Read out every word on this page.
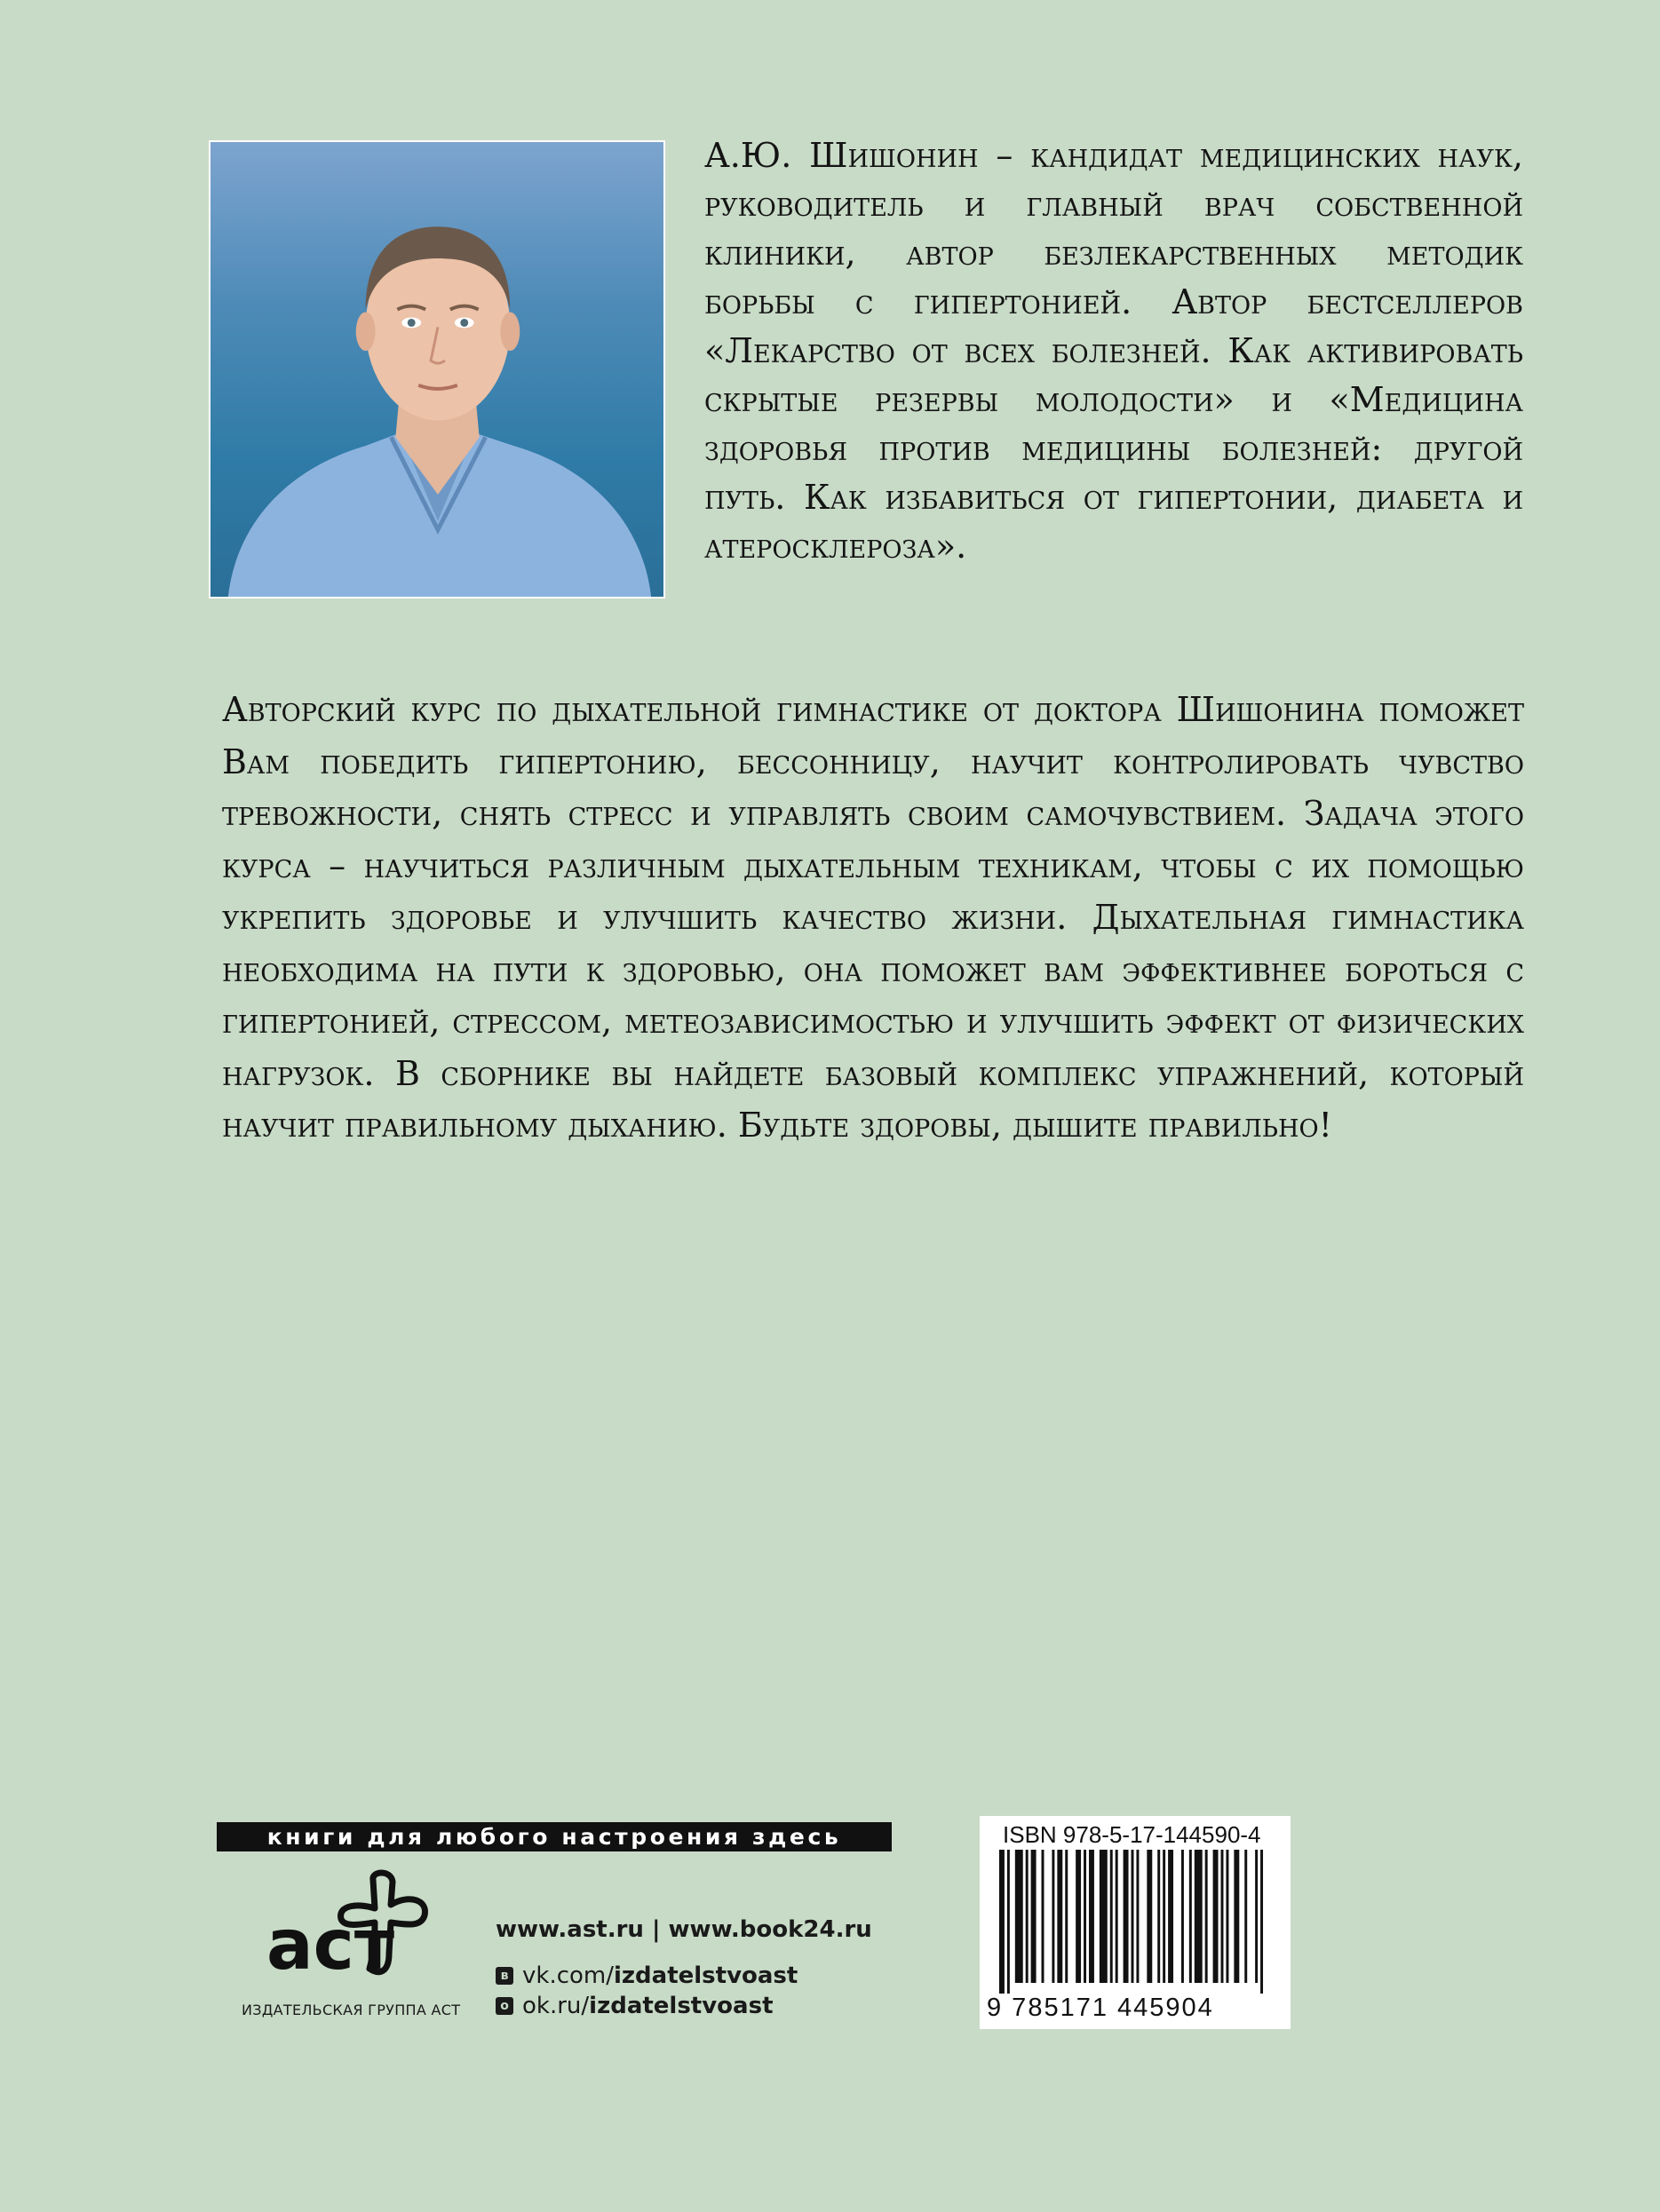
А.Ю. Шишонин – кандидат медицинских наук, руководитель и главный врач собственной клиники, автор безлекарственных методик борьбы с гипертонией. Автор бестселлеров «Лекарство от всех болезней. Как активировать скрытые резервы молодости» и «Медицина здоровья против медицины болезней: другой путь. Как избавиться от гипертонии, диабета и атеросклероза».

Авторский курс по дыхательной гимнастике от доктора Шишонина поможет Вам победить гипертонию, бессонницу, научит контролировать чувство тревожности, снять стресс и управлять своим самочувствием. Задача этого курса – научиться различным дыхательным техникам, чтобы с их помощью укрепить здоровье и улучшить качество жизни. Дыхательная гимнастика необходима на пути к здоровью, она поможет вам эффективнее бороться с гипертонией, стрессом, метеозависимостью и улучшить эффект от физических нагрузок. В сборнике вы найдете базовый комплекс упражнений, который научит правильному дыханию. Будьте здоровы, дышите правильно!

книги для любого настроения здесь
аст
ИЗДАТЕЛЬСКАЯ ГРУППА АСТ

www.ast.ru | www.book24.ru

в vk.com/ izdatelstvoast
о ok.ru/ izdatelstvoast
ISBN 978-5-17-144590-4
9 785171 445904
